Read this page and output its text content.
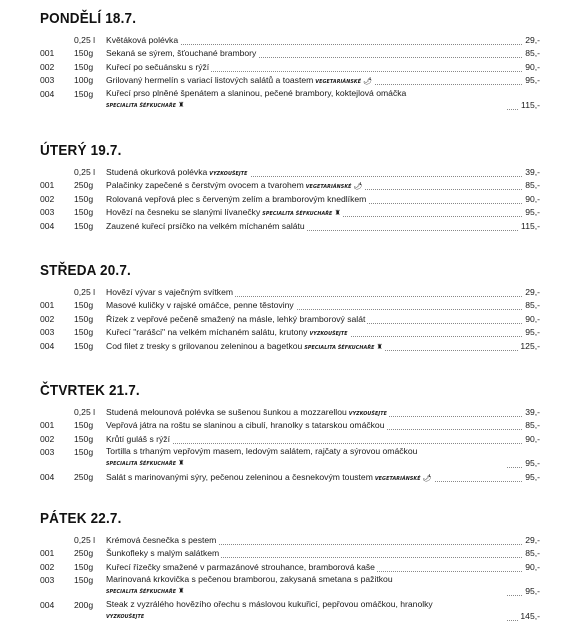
PONDĚLÍ 18.7.
0,25 l Květáková polévka	29,-
001 150g Sekaná se sýrem, šťouchané brambory	85,-
002 150g Kuřecí po sečuánsku s rýží	90,-
003 100g Grilovaný hermelín s variací listových salátů a toastem VEGETARIÁNSKÉ 🌶	95,-
004 150g Kuřecí prso plněné špenátem a slaninou, pečené brambory, koktejlová omáčka
SPECIALITA ŠÉFKUCHAŘE ♜	115,-
ÚTERÝ 19.7.
0,25 l Studená okurková polévka VYZKOUŠEJTE	39,-
001 250g Palačinky zapečené s čerstvým ovocem a tvarohem VEGETARIÁNSKÉ 🌶	85,-
002 150g Rolovaná vepřová plec s červeným zelím a bramborovým knedlíkem	90,-
003 150g Hovězí na česneku se slanými lívanečky SPECIALITA ŠÉFKUCHAŘE ♜	95,-
004 150g Zauzené kuřecí prsíčko na velkém míchaném salátu	115,-
STŘEDA 20.7.
0,25 l Hovězí vývar s vaječným svítkem	29,-
001 150g Masové kuličky v rajské omáčce, penne těstoviny	85,-
002 150g Řízek z vepřové pečeně smažený na másle, lehký bramborový salát	90,-
003 150g Kuřecí "rarášci" na velkém míchaném salátu, krutony VYZKOUŠEJTE	95,-
004 150g Cod filet z tresky s grilovanou zeleninou a bagetkou SPECIALITA ŠÉFKUCHAŘE ♜	125,-
ČTVRTEK 21.7.
0,25 l Studená melounová polévka se sušenou šunkou a mozzarellou VYZKOUŠEJTE	39,-
001 150g Vepřová játra na roštu se slaninou a cibulí, hranolky s tatarskou omáčkou	85,-
002 150g Krůtí guláš s rýží	90,-
003 150g Tortilla s trhaným vepřovým masem, ledovým salátem, rajčaty a sýrovou omáčkou
SPECIALITA ŠÉFKUCHAŘE ♜	95,-
004 250g Salát s marinovanými sýry, pečenou zeleninou a česnekovým toustem VEGETARIÁNSKÉ 🌶	95,-
PÁTEK 22.7.
0,25 l Krémová česnečka s pestem	29,-
001 250g Šunkofleky s malým salátkem	85,-
002 150g Kuřecí řízečky smažené v parmazánové strouhance, bramborová kaše	90,-
003 150g Marinovaná krkovička s pečenou bramborou, zakysaná smetana s pažitkou
SPECIALITA ŠÉFKUCHAŘE ♜	95,-
004 200g Steak z vyzrálého hovězího ořechu s máslovou kukuřicí, pepřovou omáčkou, hranolky
VYZKOUŠEJTE	145,-
